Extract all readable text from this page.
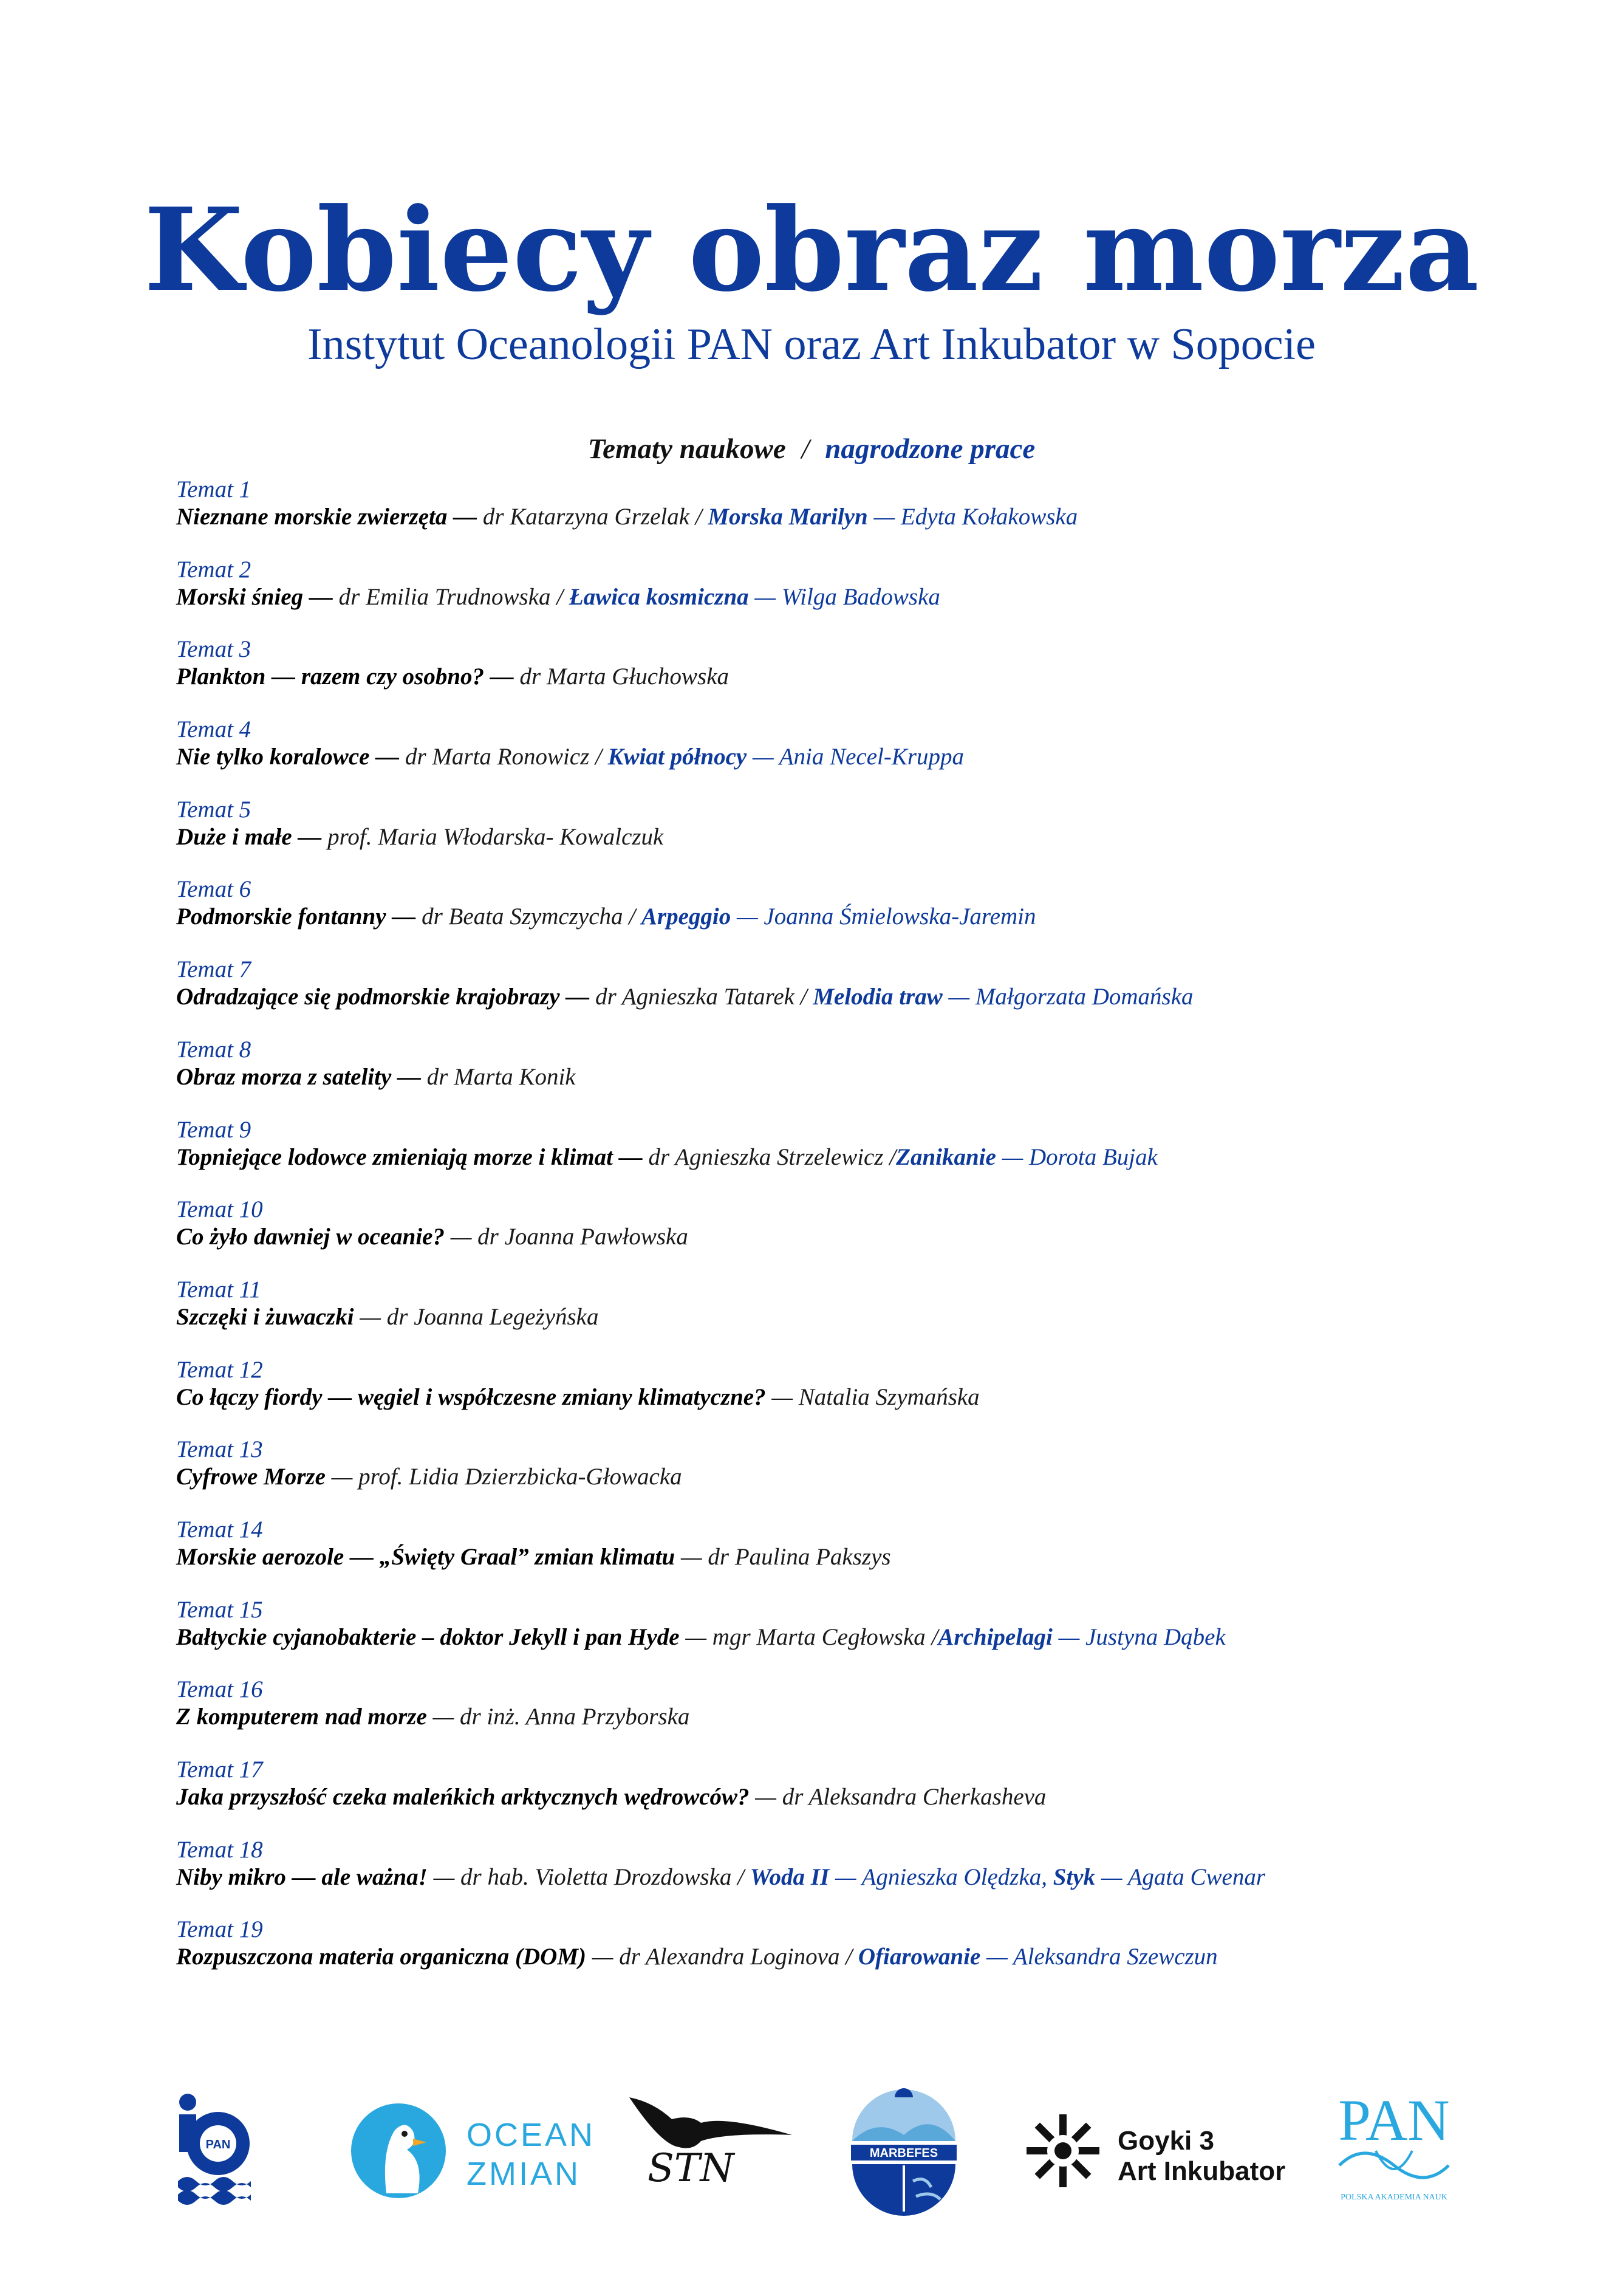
Kobiecy obraz morza
Instytut Oceanologii PAN oraz Art Inkubator w Sopocie
Tematy naukowe / nagrodzone prace
Temat 1
Nieznane morskie zwierzęta — dr Katarzyna Grzelak / Morska Marilyn — Edyta Kołakowska
Temat 2
Morski śnieg — dr Emilia Trudnowska / Ławica kosmiczna — Wilga Badowska
Temat 3
Plankton — razem czy osobno? — dr Marta Głuchowska
Temat 4
Nie tylko koralowce — dr Marta Ronowicz / Kwiat północy — Ania Necel-Kruppa
Temat 5
Duże i małe — prof. Maria Włodarska- Kowalczuk
Temat 6
Podmorskie fontanny — dr Beata Szymczycha / Arpeggio — Joanna Śmielowska-Jaremin
Temat 7
Odradzające się podmorskie krajobrazy — dr Agnieszka Tatarek / Melodia traw — Małgorzata Domańska
Temat 8
Obraz morza z satelity — dr Marta Konik
Temat 9
Topniejące lodowce zmieniają morze i klimat — dr Agnieszka Strzelewicz /Zanikanie — Dorota Bujak
Temat 10
Co żyło dawniej w oceanie? — dr Joanna Pawłowska
Temat 11
Szczęki i żuwaczki — dr Joanna Legeżyńska
Temat 12
Co łączy fiordy — węgiel i współczesne zmiany klimatyczne? — Natalia Szymańska
Temat 13
Cyfrowe Morze — prof. Lidia Dzierzbicka-Głowacka
Temat 14
Morskie aerozole — „Święty Graal” zmian klimatu — dr Paulina Pakszys
Temat 15
Bałtyckie cyjanobakterie – doktor Jekyll i pan Hyde — mgr Marta Cegłowska /Archipelagi — Justyna Dąbek
Temat 16
Z komputerem nad morze — dr inż. Anna Przyborska
Temat 17
Jaka przyszłość czeka maleńkich arktycznych wędrowców? — dr Aleksandra Cherkasheva
Temat 18
Niby mikro — ale ważna! — dr hab. Violetta Drozdowska / Woda II — Agnieszka Olędzka, Styk — Agata Cwenar
Temat 19
Rozpuszczona materia organiczna (DOM) — dr Alexandra Loginova / Ofiarowanie — Aleksandra Szewczun
PAN	OCEAN
ZMIAN STN	MARBEFES	Goyki 3
Art Inkubator
PAN
POLSKA AKADEMIA NAUK
